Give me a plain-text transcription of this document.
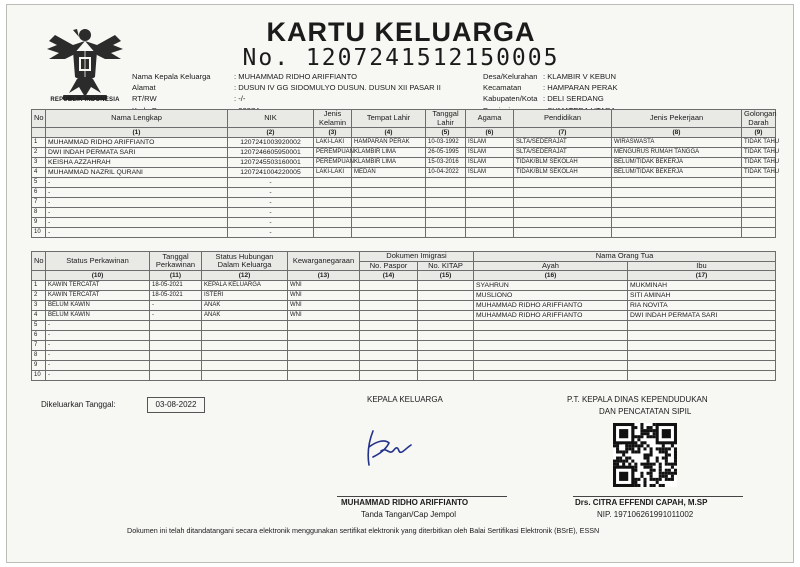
REPUBLIK INDONESIA
KARTU KELUARGA
No. 1207241512150005
Nama Kepala Keluarga	: MUHAMMAD RIDHO ARIFFIANTO
Alamat	: DUSUN IV GG SIDOMULYO DUSUN. DUSUN XII PASAR II
RT/RW	: -/-

Desa/Kelurahan	: KLAMBIR V KEBUN
Kecamatan	: HAMPARAN PERAK
Kabupaten/Kota	: DELI SERDANG

No	Nama Lengkap	NIK	Jenis Kelamin	Tempat Lahir	Tanggal Lahir	Agama	Pendidikan	Jenis Pekerjaan	Golongan Darah
	(1)	(2)	(3)	(4)	(5)	(6)	(7)	(8)	(9)
1	MUHAMMAD RIDHO ARIFFIANTO	1207241003920002	LAKI-LAKI	HAMPARAN PERAK	10-03-1992	ISLAM	SLTA/SEDERAJAT	WIRASWASTA	TIDAK TAHU
2	DWI INDAH PERMATA SARI	1207246605950001	PEREMPUAN	KLAMBIR LIMA	26-05-1995	ISLAM	SLTA/SEDERAJAT	MENGURUS RUMAH TANGGA	TIDAK TAHU
3	KEISHA AZZAHRAH	1207245503160001	PEREMPUAN	KLAMBIR LIMA	15-03-2016	ISLAM	TIDAK/BLM SEKOLAH	BELUM/TIDAK BEKERJA	TIDAK TAHU
4	MUHAMMAD NAZRIL QURANI	1207241004220005	LAKI-LAKI	MEDAN	10-04-2022	ISLAM	TIDAK/BLM SEKOLAH	BELUM/TIDAK BEKERJA	TIDAK TAHU
5	-	-							
6	-	-							
7	-	-							
8	-	-							
9	-	-							
10	-	-							
No	Status Perkawinan	Tanggal Perkawinan	Status Hubungan Dalam Keluarga	Kewarganegaraan	Dokumen Imigrasi		Nama Orang Tua	
					No. Paspor	No. KITAP	Ayah	Ibu
	(10)	(11)	(12)	(13)	(14)	(15)	(16)	(17)
1	KAWIN TERCATAT	18-05-2021	KEPALA KELUARGA	WNI			SYAHRUN	MUKMINAH
2	KAWIN TERCATAT	18-05-2021	ISTERI	WNI			MUSLIONO	SITI AMINAH
3	BELUM KAWIN	-	ANAK	WNI			MUHAMMAD RIDHO ARIFFIANTO	RIA NOVITA
4	BELUM KAWIN	-	ANAK	WNI			MUHAMMAD RIDHO ARIFFIANTO	DWI INDAH PERMATA SARI
5	-							
6	-							
7	-							
8	-							
9	-							
10	-							
Dikeluarkan Tanggal:	03-08-2022
KEPALA KELUARGA
MUHAMMAD RIDHO ARIFFIANTO
Tanda Tangan/Cap Jempol
P.T. KEPALA DINAS KEPENDUDUKAN
DAN PENCATATAN SIPIL
Drs. CITRA EFFENDI CAPAH, M.SP
NIP. 197106261991011002
Dokumen ini telah ditandatangani secara elektronik menggunakan sertifikat elektronik yang diterbitkan oleh Balai Sertifikasi Elektronik (BSrE), ESSN
